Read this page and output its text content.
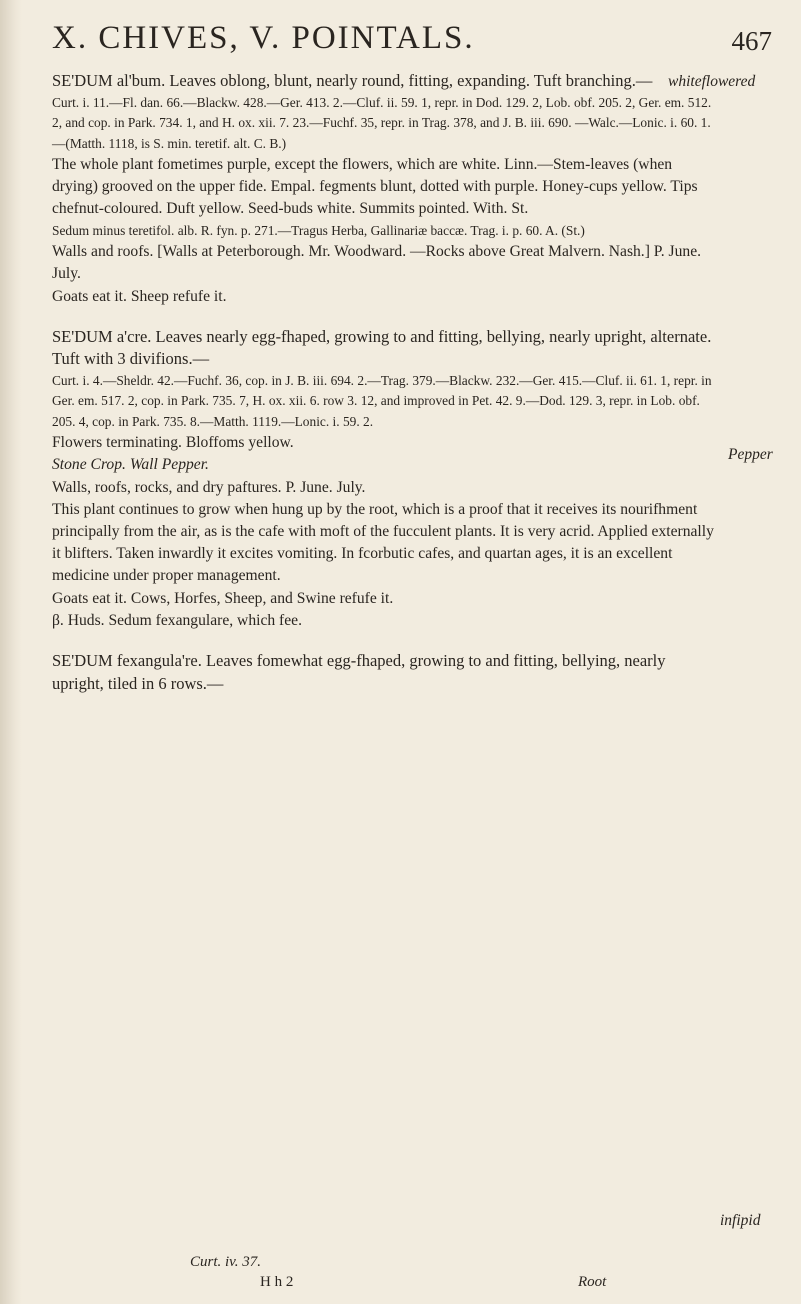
X. CHIVES, V. POINTALS.	467

SE'DUM al'bum. Leaves oblong, blunt, nearly round, fitting, expanding. Tuft branching.—

Curt. i. 11.—Fl. dan. 66.—Blackw. 428.—Ger. 413. 2.—Cluf. ii. 59. 1, repr. in Dod. 129. 2, Lob. obf. 205. 2, Ger. em. 512. 2, and cop. in Park. 734. 1, and H. ox. xii. 7. 23.—Fuchf. 35, repr. in Trag. 378, and J. B. iii. 690. —Walc.—Lonic. i. 60. 1.—(Matth. 1118, is S. min. teretif. alt. C. B.)

The whole plant fometimes purple, except the flowers, which are white. Linn.—Stem-leaves (when drying) grooved on the upper fide. Empal. fegments blunt, dotted with purple. Honey-cups yellow. Tips chefnut-coloured. Duft yellow. Seed-buds white. Summits pointed. With. St.

Sedum minus teretifol. alb. R. fyn. p. 271.—Tragus Herba, Gallinariæ baccæ. Trag. i. p. 60. A. (St.)

Walls and roofs. [Walls at Peterborough. Mr. Woodward. —Rocks above Great Malvern. Nash.] P. June. July.

Goats eat it. Sheep refufe it.

SE'DUM a'cre. Leaves nearly egg-fhaped, growing to and fitting, bellying, nearly upright, alternate. Tuft with 3 divifions.—

Curt. i. 4.—Sheldr. 42.—Fuchf. 36, cop. in J. B. iii. 694. 2.—Trag. 379.—Blackw. 232.—Ger. 415.—Cluf. ii. 61. 1, repr. in Ger. em. 517. 2, cop. in Park. 735. 7, H. ox. xii. 6. row 3. 12, and improved in Pet. 42. 9.—Dod. 129. 3, repr. in Lob. obf. 205. 4, cop. in Park. 735. 8.—Matth. 1119.—Lonic. i. 59. 2.

Flowers terminating. Bloffoms yellow.

Stone Crop. Wall Pepper.

Walls, roofs, rocks, and dry paftures. P. June. July.

This plant continues to grow when hung up by the root, which is a proof that it receives its nourifhment principally from the air, as is the cafe with moft of the fucculent plants. It is very acrid. Applied externally it blifters. Taken inwardly it excites vomiting. In fcorbutic cafes, and quartan ages, it is an excellent medicine under proper management.

Goats eat it. Cows, Horfes, Sheep, and Swine refufe it.

β. Huds. Sedum fexangulare, which fee.

SE'DUM fexangula're. Leaves fomewhat egg-fhaped, growing to and fitting, bellying, nearly upright, tiled in 6 rows.—

whiteflowered
Pepper
infipid
Curt. iv. 37.
H h 2	Root
